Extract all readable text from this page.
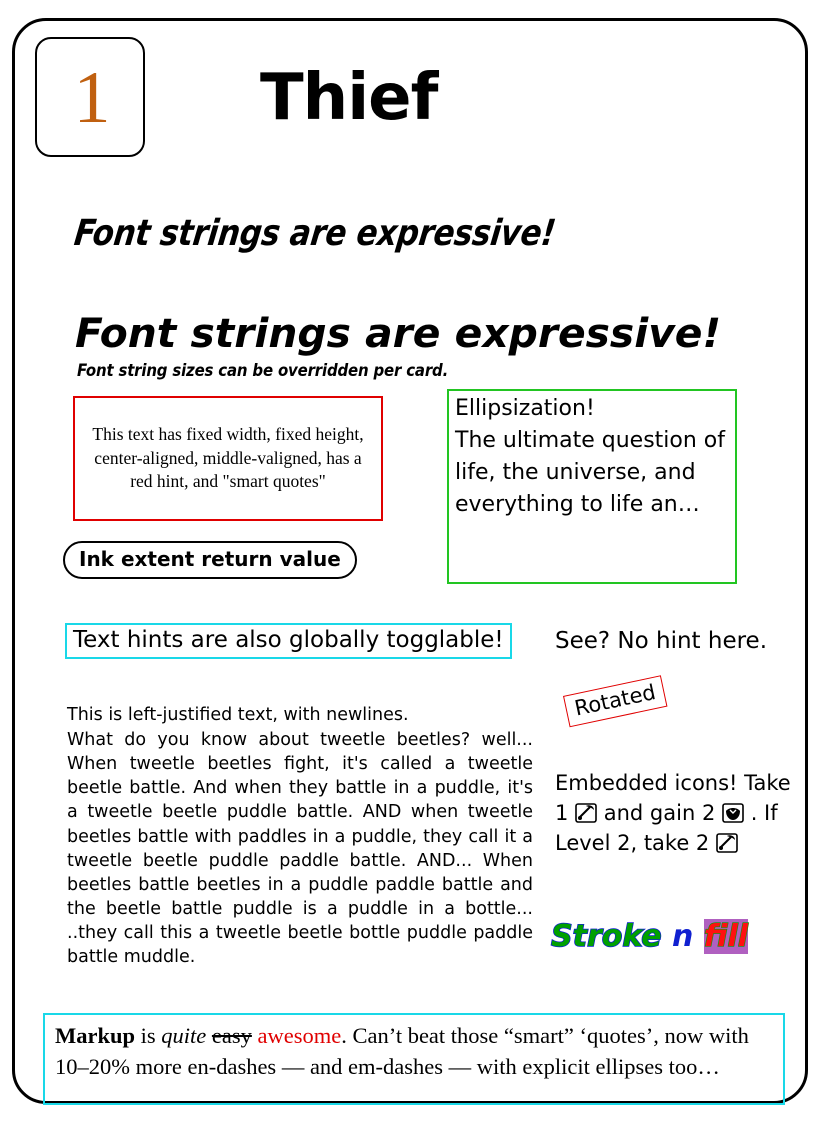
1	Thief
Font strings are expressive!
Font strings are expressive!
Font string sizes can be overridden per card.
This text has fixed width, fixed height, center-aligned, middle-valigned, has a red hint, and "smart quotes"
Ellipsization!
The ultimate question of life, the universe, and everything to life an…
Ink extent return value
Text hints are also globally togglable!	See? No hint here.
This is left-justified text, with newlines.
What do you know about tweetle beetles? well... When tweetle beetles fight, it's called a tweetle beetle battle. And when they battle in a puddle, it's a tweetle beetle puddle battle. AND when tweetle beetles battle with paddles in a puddle, they call it a tweetle beetle puddle paddle battle. AND... When beetles battle beetles in a puddle paddle battle and the beetle battle puddle is a puddle in a bottle... ..they call this a tweetle beetle bottle puddle paddle battle muddle.
Rotated
Embedded icons! Take 1 and gain 2 . If Level 2, take 2
Stroke n fill
Markup is quite easy awesome. Can’t beat those “smart” ‘quotes’, now with 10–20% more en-dashes — and em-dashes — with explicit ellipses too…
